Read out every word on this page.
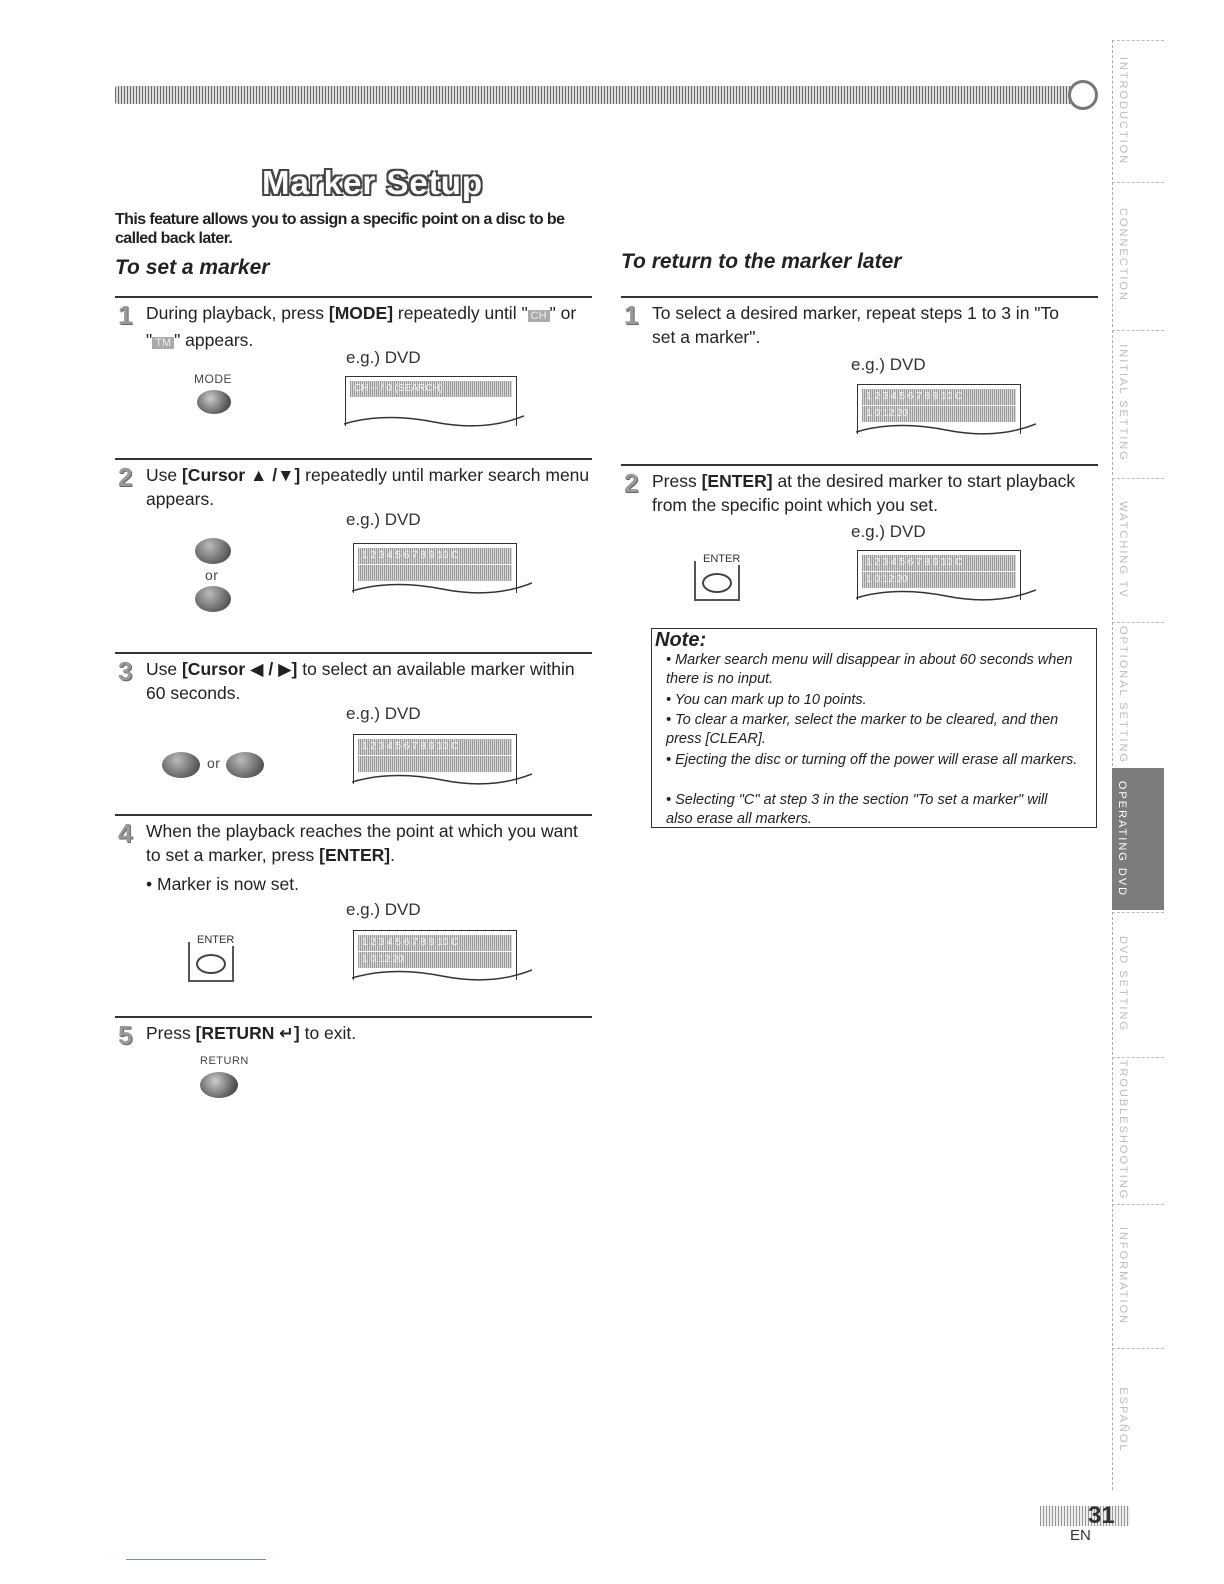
Marker Setup
This feature allows you to assign a specific point on a disc to be called back later.
To set a marker
1 During playback, press [MODE] repeatedly until " CH " or " TM " appears.
e.g.) DVD
MODE
CH -- / 0 (SEARCH)
2 Use [Cursor ▲ /▼] repeatedly until marker search menu appears.
e.g.) DVD
or
1 2 3 4 5 6 7 8 9 10 C
3 Use [Cursor ◀ / ▶] to select an available marker within 60 seconds.
e.g.) DVD
or
1 2 3 4 5 6 7 8 9 10 C
4 When the playback reaches the point at which you want to set a marker, press [ENTER].
• Marker is now set.
e.g.) DVD
ENTER	1 2 3 4 5 6 7 8 9 10 C
1 0:12:20
5 Press [RETURN ↵] to exit.
RETURN
To return to the marker later
1 To select a desired marker, repeat steps 1 to 3 in "To set a marker".
e.g.) DVD
1 2 3 4 5 6 7 8 9 10 C
1 0:12:20
2 Press [ENTER] at the desired marker to start playback from the specific point which you set.
e.g.) DVD
ENTER	1 2 3 4 5 6 7 8 9 10 C
1 0:12:20
Note:
• Marker search menu will disappear in about 60 seconds when there is no input.
• You can mark up to 10 points.
• To clear a marker, select the marker to be cleared, and then press [CLEAR].
• Ejecting the disc or turning off the power will erase all markers.
• Selecting "C" at step 3 in the section "To set a marker" will also erase all markers.
INTRODUCTION
CONNECTION
INITIAL SETTING
WATCHING TV
OPTIONAL SETTING
OPERATING DVD
DVD SETTING
TROUBLESHOOTING
INFORMATION
ESPAÑOL
31
EN
